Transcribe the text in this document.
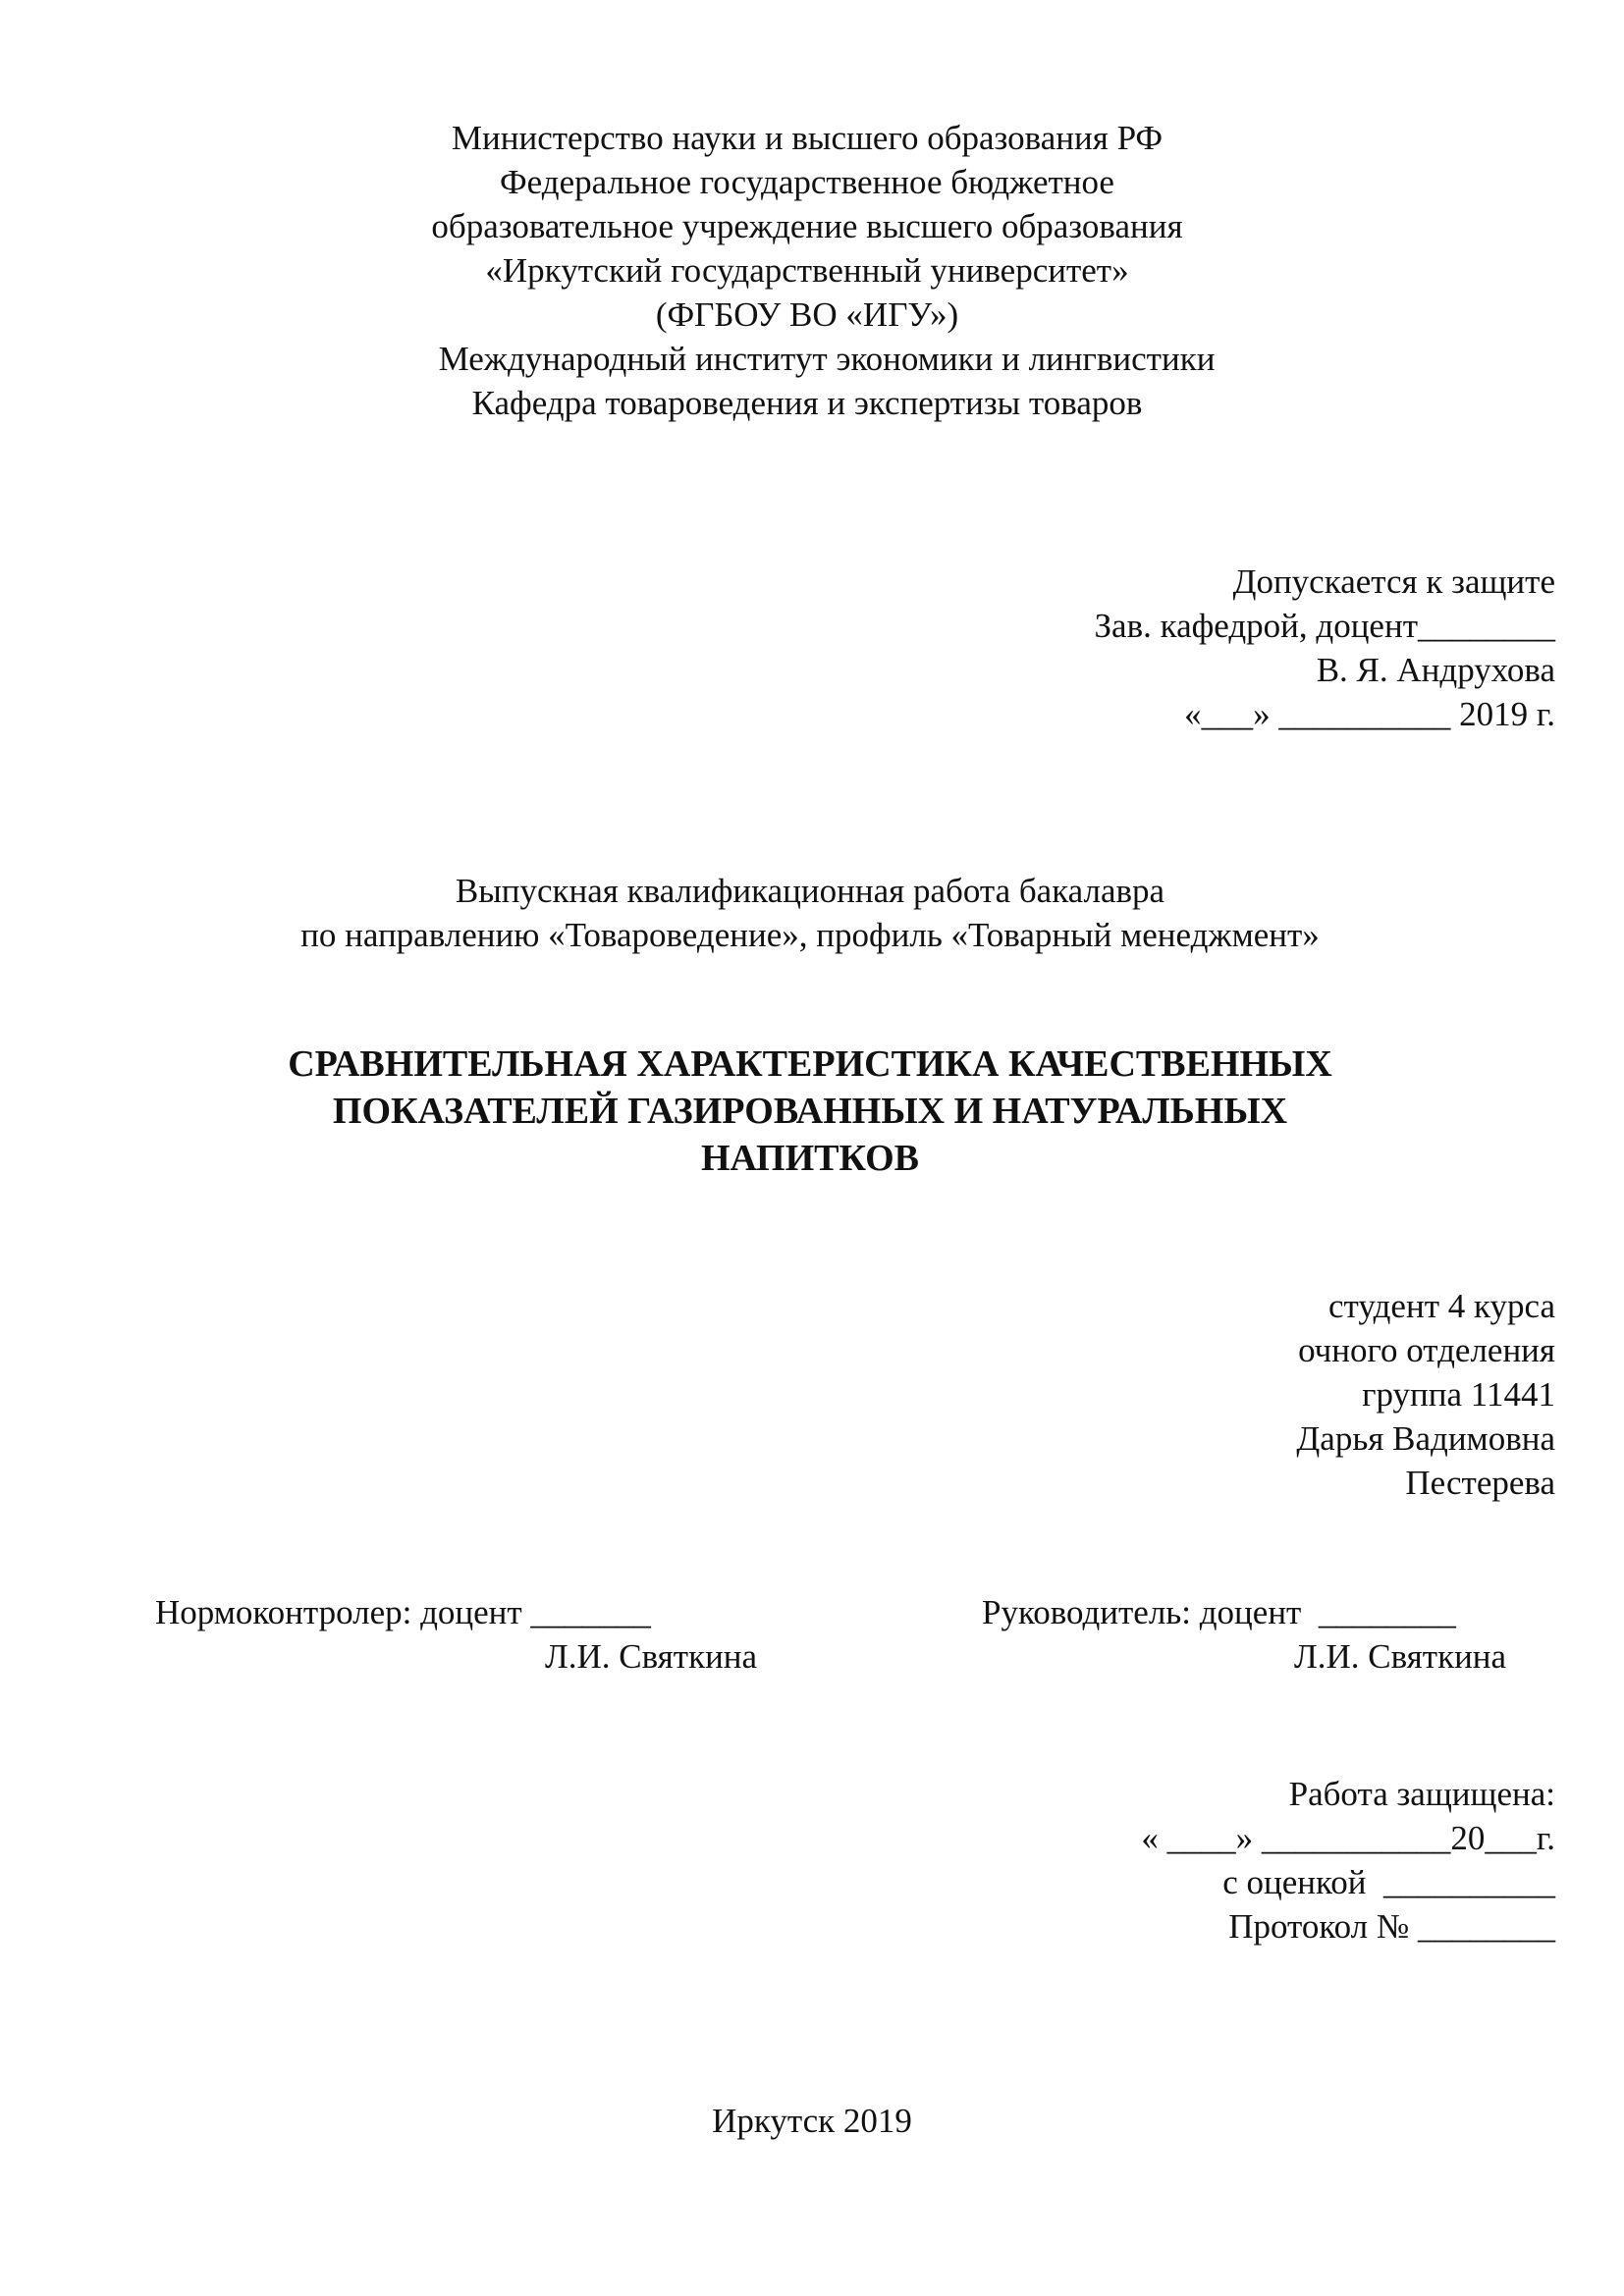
Министерство науки и высшего образования РФ
Федеральное государственное бюджетное
образовательное учреждение высшего образования
«Иркутский государственный университет»
(ФГБОУ ВО «ИГУ»)
Международный институт экономики и лингвистики
Кафедра товароведения и экспертизы товаров
Допускается к защите
Зав. кафедрой, доцент________
В. Я. Андрухова
«___» __________ 2019 г.
Выпускная квалификационная работа бакалавра
по направлению «Товароведение», профиль «Товарный менеджмент»
СРАВНИТЕЛЬНАЯ ХАРАКТЕРИСТИКА КАЧЕСТВЕННЫХ
ПОКАЗАТЕЛЕЙ ГАЗИРОВАННЫХ И НАТУРАЛЬНЫХ
НАПИТКОВ
студент 4 курса
очного отделения
группа 11441
Дарья Вадимовна
Пестерева
Нормоконтролер: доцент _______
Л.И. Святкина
Руководитель: доцент  ________
Л.И. Святкина
Работа защищена:
« ____» ___________20___г.
с оценкой  __________
Протокол № ________
Иркутск 2019
